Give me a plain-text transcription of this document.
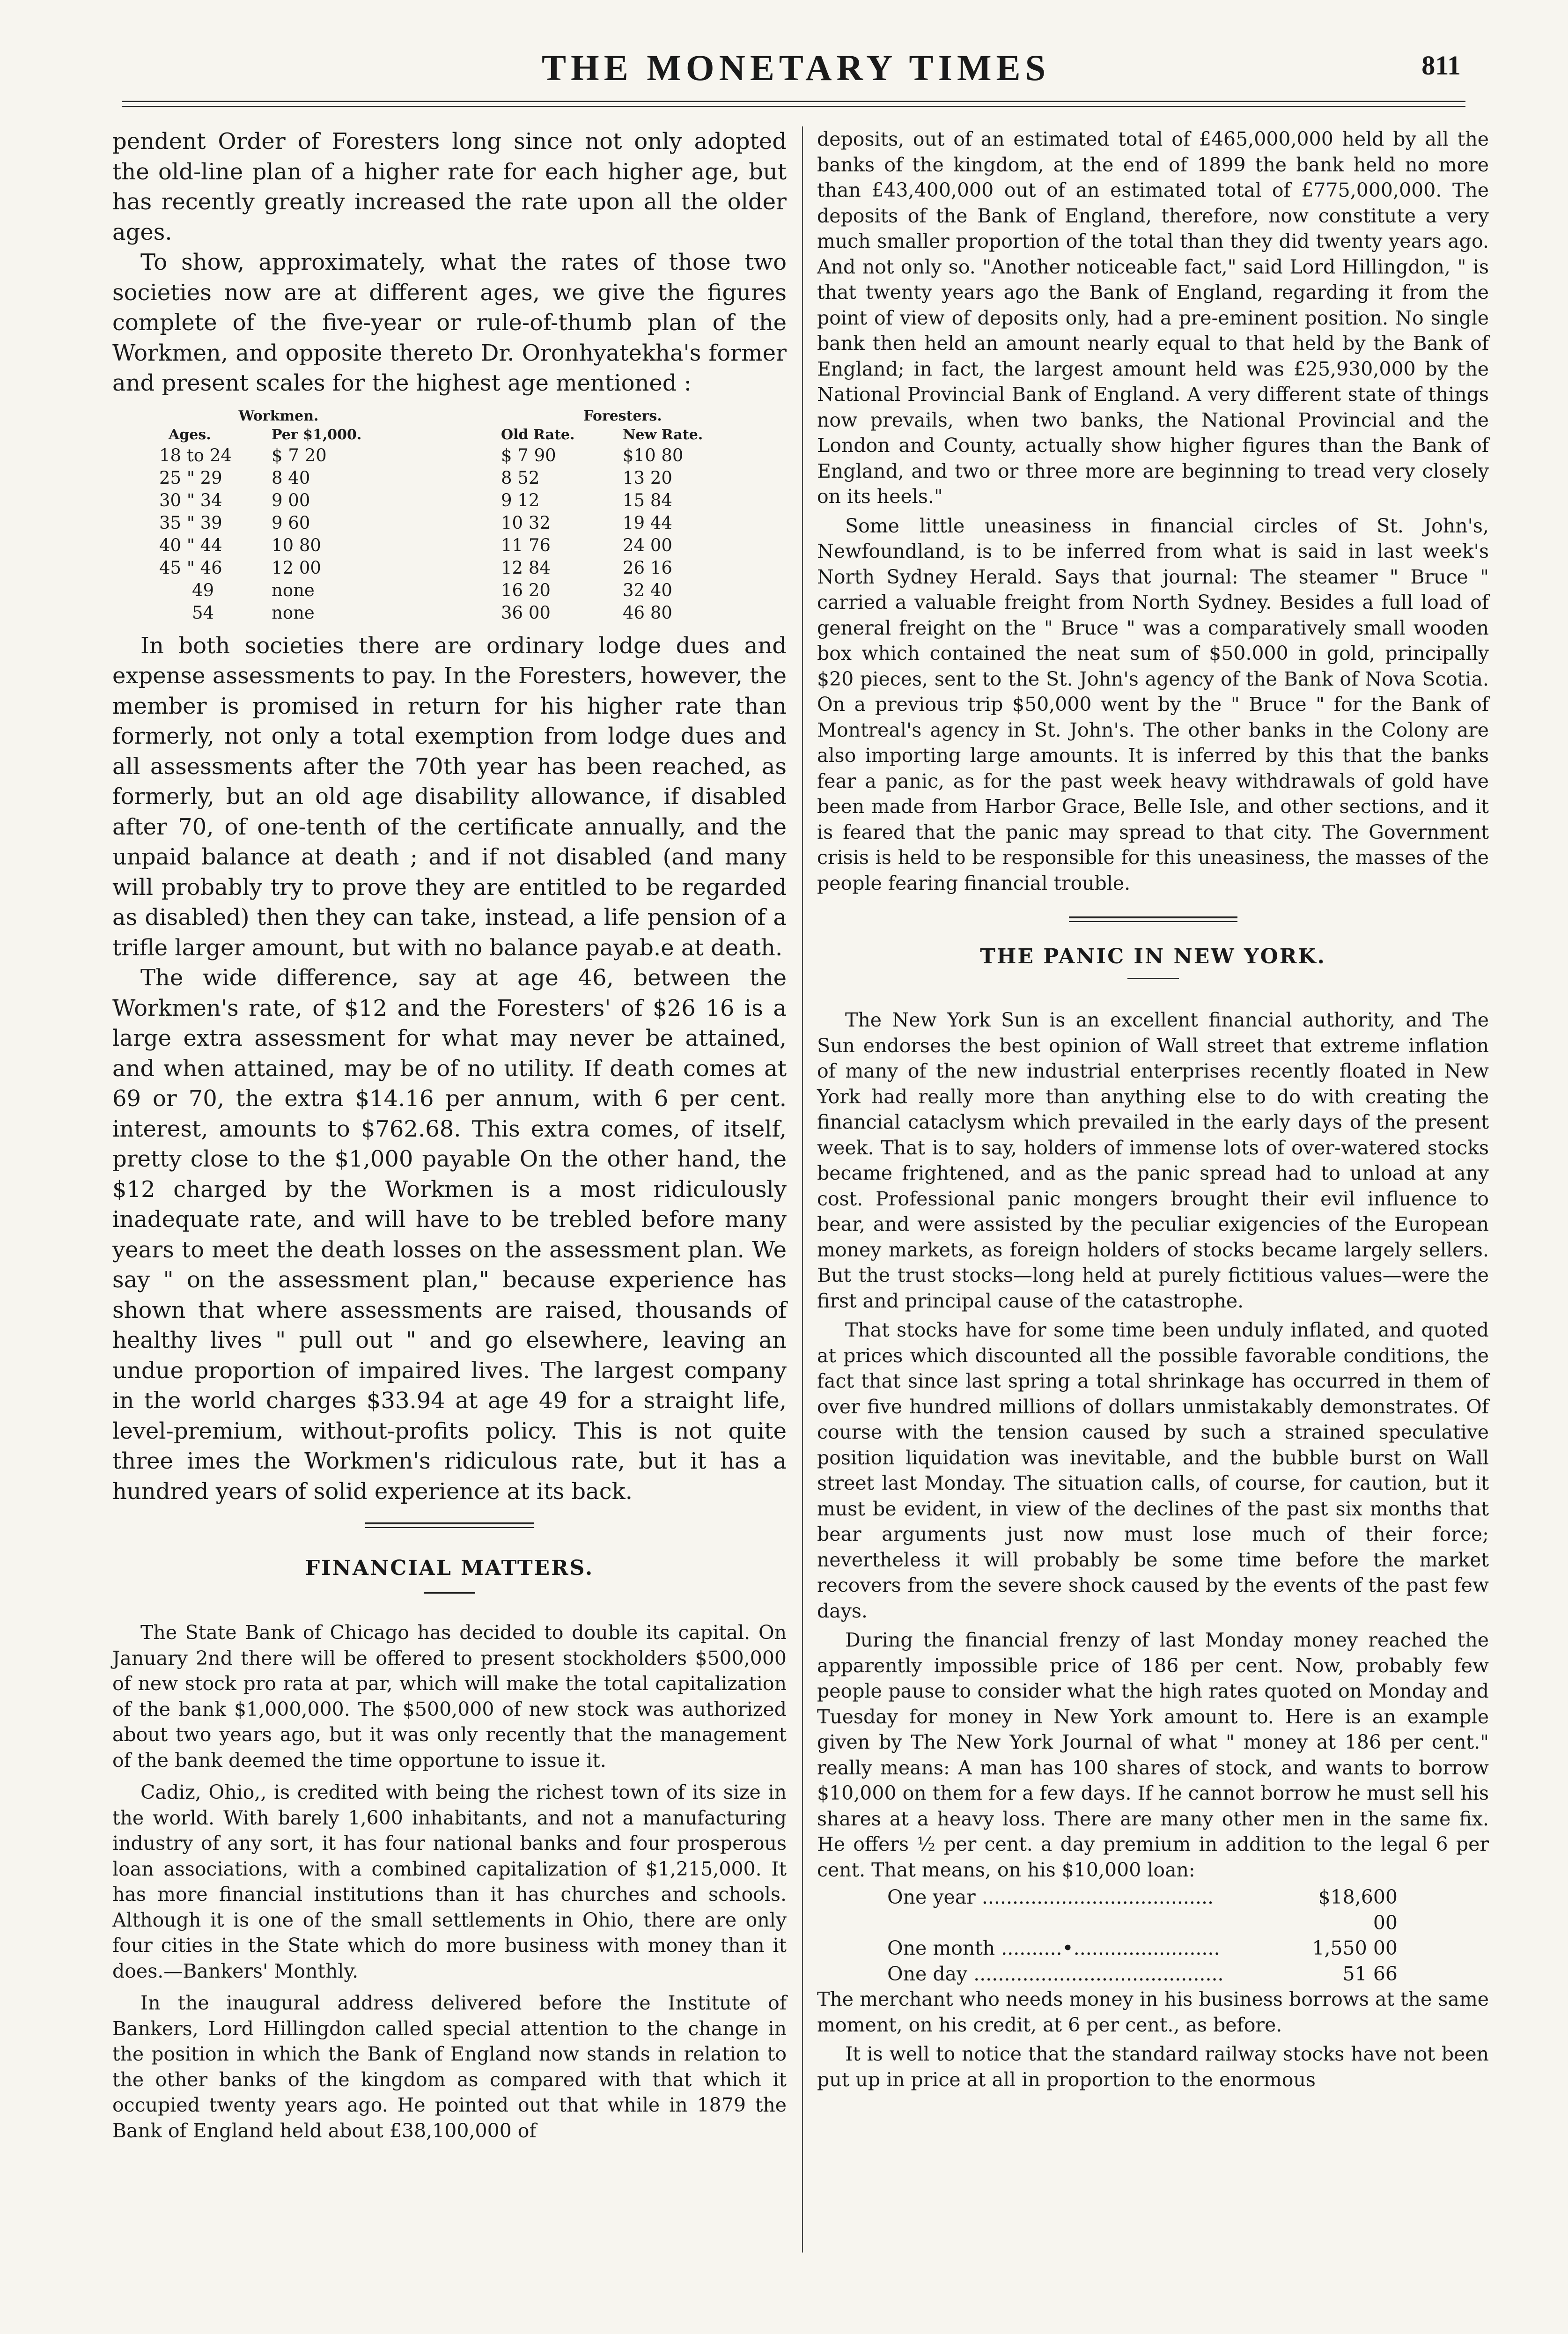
THE MONETARY TIMES	811

pendent Order of Foresters long since not only adopted the old-line plan of a higher rate for each higher age, but has recently greatly increased the rate upon all the older ages.

To show, approximately, what the rates of those two societies now are at different ages, we give the figures complete of the five-year or rule-of-thumb plan of the Workmen, and opposite thereto Dr. Oronhyatekha's former and present scales for the highest age mentioned :

Workmen.			Foresters.	
Ages.	Per $1,000.		Old Rate.	New Rate.
18 to 24	$ 7 20		$ 7 90	$10 80
25 " 29	8 40		8 52	13 20
30 " 34	9 00		9 12	15 84
35 " 39	9 60		10 32	19 44
40 " 44	10 80		11 76	24 00
45 " 46	12 00		12 84	26 16
49	none		16 20	32 40
54	none		36 00	46 80

In both societies there are ordinary lodge dues and expense assessments to pay. In the Foresters, however, the member is promised in return for his higher rate than formerly, not only a total exemption from lodge dues and all assessments after the 70th year has been reached, as formerly, but an old age disability allowance, if disabled after 70, of one-tenth of the certificate annually, and the unpaid balance at death ; and if not disabled (and many will probably try to prove they are entitled to be regarded as disabled) then they can take, instead, a life pension of a trifle larger amount, but with no balance payab.e at death.

The wide difference, say at age 46, between the Workmen's rate, of $12 and the Foresters' of $26 16 is a large extra assessment for what may never be attained, and when attained, may be of no utility. If death comes at 69 or 70, the extra $14.16 per annum, with 6 per cent. interest, amounts to $762.68. This extra comes, of itself, pretty close to the $1,000 payable On the other hand, the $12 charged by the Workmen is a most ridiculously inadequate rate, and will have to be trebled before many years to meet the death losses on the assessment plan. We say " on the assessment plan," because experience has shown that where assessments are raised, thousands of healthy lives " pull out " and go elsewhere, leaving an undue proportion of impaired lives. The largest company in the world charges $33.94 at age 49 for a straight life, level-premium, without-profits policy. This is not quite three imes the Workmen's ridiculous rate, but it has a hundred years of solid experience at its back.

FINANCIAL MATTERS.

The State Bank of Chicago has decided to double its capital. On January 2nd there will be offered to present stockholders $500,000 of new stock pro rata at par, which will make the total capitalization of the bank $1,000,000. The $500,000 of new stock was authorized about two years ago, but it was only recently that the management of the bank deemed the time opportune to issue it.

Cadiz, Ohio,, is credited with being the richest town of its size in the world. With barely 1,600 inhabitants, and not a manufacturing industry of any sort, it has four national banks and four prosperous loan associations, with a combined capitalization of $1,215,000. It has more financial institutions than it has churches and schools. Although it is one of the small settlements in Ohio, there are only four cities in the State which do more business with money than it does.—Bankers' Monthly.

In the inaugural address delivered before the Institute of Bankers, Lord Hillingdon called special attention to the change in the position in which the Bank of England now stands in relation to the other banks of the kingdom as compared with that which it occupied twenty years ago. He pointed out that while in 1879 the Bank of England held about £38,100,000 of

deposits, out of an estimated total of £465,000,000 held by all the banks of the kingdom, at the end of 1899 the bank held no more than £43,400,000 out of an estimated total of £775,000,000. The deposits of the Bank of England, therefore, now constitute a very much smaller proportion of the total than they did twenty years ago. And not only so. "Another noticeable fact," said Lord Hillingdon, " is that twenty years ago the Bank of England, regarding it from the point of view of deposits only, had a pre-eminent position. No single bank then held an amount nearly equal to that held by the Bank of England; in fact, the largest amount held was £25,930,000 by the National Provincial Bank of England. A very different state of things now prevails, when two banks, the National Provincial and the London and County, actually show higher figures than the Bank of England, and two or three more are beginning to tread very closely on its heels."

Some little uneasiness in financial circles of St. John's, Newfoundland, is to be inferred from what is said in last week's North Sydney Herald. Says that journal: The steamer " Bruce " carried a valuable freight from North Sydney. Besides a full load of general freight on the " Bruce " was a comparatively small wooden box which contained the neat sum of $50.000 in gold, principally $20 pieces, sent to the St. John's agency of the Bank of Nova Scotia. On a previous trip $50,000 went by the " Bruce " for the Bank of Montreal's agency in St. John's. The other banks in the Colony are also importing large amounts. It is inferred by this that the banks fear a panic, as for the past week heavy withdrawals of gold have been made from Harbor Grace, Belle Isle, and other sections, and it is feared that the panic may spread to that city. The Government crisis is held to be responsible for this uneasiness, the masses of the people fearing financial trouble.

THE PANIC IN NEW YORK.

The New York Sun is an excellent financial authority, and The Sun endorses the best opinion of Wall street that extreme inflation of many of the new industrial enterprises recently floated in New York had really more than anything else to do with creating the financial cataclysm which prevailed in the early days of the present week. That is to say, holders of immense lots of over-watered stocks became frightened, and as the panic spread had to unload at any cost. Professional panic mongers brought their evil influence to bear, and were assisted by the peculiar exigencies of the European money markets, as foreign holders of stocks became largely sellers. But the trust stocks—long held at purely fictitious values—were the first and principal cause of the catastrophe.

That stocks have for some time been unduly inflated, and quoted at prices which discounted all the possible favorable conditions, the fact that since last spring a total shrinkage has occurred in them of over five hundred millions of dollars unmistakably demonstrates. Of course with the tension caused by such a strained speculative position liquidation was inevitable, and the bubble burst on Wall street last Monday. The situation calls, of course, for caution, but it must be evident, in view of the declines of the past six months that bear arguments just now must lose much of their force; nevertheless it will probably be some time before the market recovers from the severe shock caused by the events of the past few days.

During the financial frenzy of last Monday money reached the apparently impossible price of 186 per cent. Now, probably few people pause to consider what the high rates quoted on Monday and Tuesday for money in New York amount to. Here is an example given by The New York Journal of what " money at 186 per cent." really means: A man has 100 shares of stock, and wants to borrow $10,000 on them for a few days. If he cannot borrow he must sell his shares at a heavy loss. There are many other men in the same fix. He offers ½ per cent. a day premium in addition to the legal 6 per cent. That means, on his $10,000 loan:

One year ......................................	$18,600 00
One month ..........•........................	1,550 00
One day .........................................	51 66

The merchant who needs money in his business borrows at the same moment, on his credit, at 6 per cent., as before.

It is well to notice that the standard railway stocks have not been put up in price at all in proportion to the enormous
